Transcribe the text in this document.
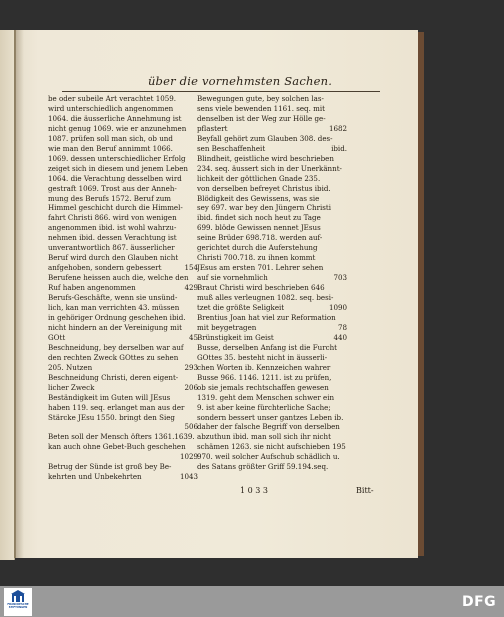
über die vornehmsten Sachen.
be oder subeile Art verachtet 1059.
wird unterschiedlich angenommen
1064. die äusserliche Annehmung ist
nicht genug 1069. wie er anzunehmen
1087. prüfen soll man sich, ob und
wie man den Beruf annimmt 1066.
1069. dessen unterschiedlicher Erfolg
zeiget sich in diesem und jenem Leben
1064. die Verachtung desselben wird
gestraft 1069. Trost aus der Anneh-
mung des Berufs 1572. Beruf zum
Himmel geschicht durch die Himmel-
fahrt Christi 866. wird von wenigen
angenommen ibid. ist wohl wahrzu-
nehmen ibid. dessen Verachtung ist
unverantwortlich 867. äusserlicher
Beruf wird durch den Glauben nicht
anfgehoben, sondern gebessert	154
Berufene heissen auch die, welche den
Ruf haben angenommen	429
Berufs-Geschäfte, wenn sie unsünd-
lich, kan man verrichten 43. müssen
in gehöriger Ordnung geschehen ibid.
nicht hindern an der Vereinigung mit
GOtt	45
Beschneidung, bey derselben war auf
den rechten Zweck GOttes zu sehen
205. Nutzen	293
Beschneidung Christi, deren eigent-
licher Zweck	206
Beständigkeit im Guten will JEsus
haben 119. seq. erlanget man aus der
Stärcke JEsu 1550. bringt den Sieg
506
Beten soll der Mensch öfters 1361.1639.
kan auch ohne Gebet-Buch geschehen
1029
Betrug der Sünde ist groß bey Be-
kehrten und Unbekehrten	1043
Bewegungen gute, bey solchen las-
sens viele bewenden 1161. seq. mit
denselben ist der Weg zur Hölle ge-
pflastert	1682
Beyfall gehört zum Glauben 308. des-
sen Beschaffenheit	ibid.
Blindheit, geistliche wird beschrieben
234. seq. äussert sich in der Unerkännt-
lichkeit der göttlichen Gnade 235.
von derselben befreyet Christus ibid.
Blödigkeit des Gewissens, was sie
sey 697. war bey den Jüngern Christi
ibid. findet sich noch heut zu Tage
699. blöde Gewissen nennet JEsus
seine Brüder 698.718. werden auf-
gerichtet durch die Auferstehung
Christi 700.718. zu ihnen kommt
JEsus am ersten 701. Lehrer sehen
auf sie vornehmlich	703
Braut Christi wird beschrieben 646
muß alles verleugnen 1082. seq. besi-
tzet die größte Seligkeit	1090
Brentius Joan hat viel zur Reformation
mit beygetragen	78
Brünstigkeit im Geist	440
Busse, derselben Anfang ist die Furcht
GOttes 35. besteht nicht in äusserli-
chen Worten ib. Kennzeichen wahrer
Busse 966. 1146. 1211. ist zu prüfen,
ob sie jemals rechtschaffen gewesen
1319. geht dem Menschen schwer ein
9. ist aber keine fürchterliche Sache;
sondern bessert unser gantzes Leben ib.
daher der falsche Begriff von derselben
abzuthun ibid. man soll sich ihr nicht
schämen 1263. sie nicht aufschieben 195
970. weil solcher Aufschub schädlich u.
des Satans größter Griff 59.194.seq.
1 0 3 3	Bitt-
FRANCKESCHE STIFTUNGEN	DFG
